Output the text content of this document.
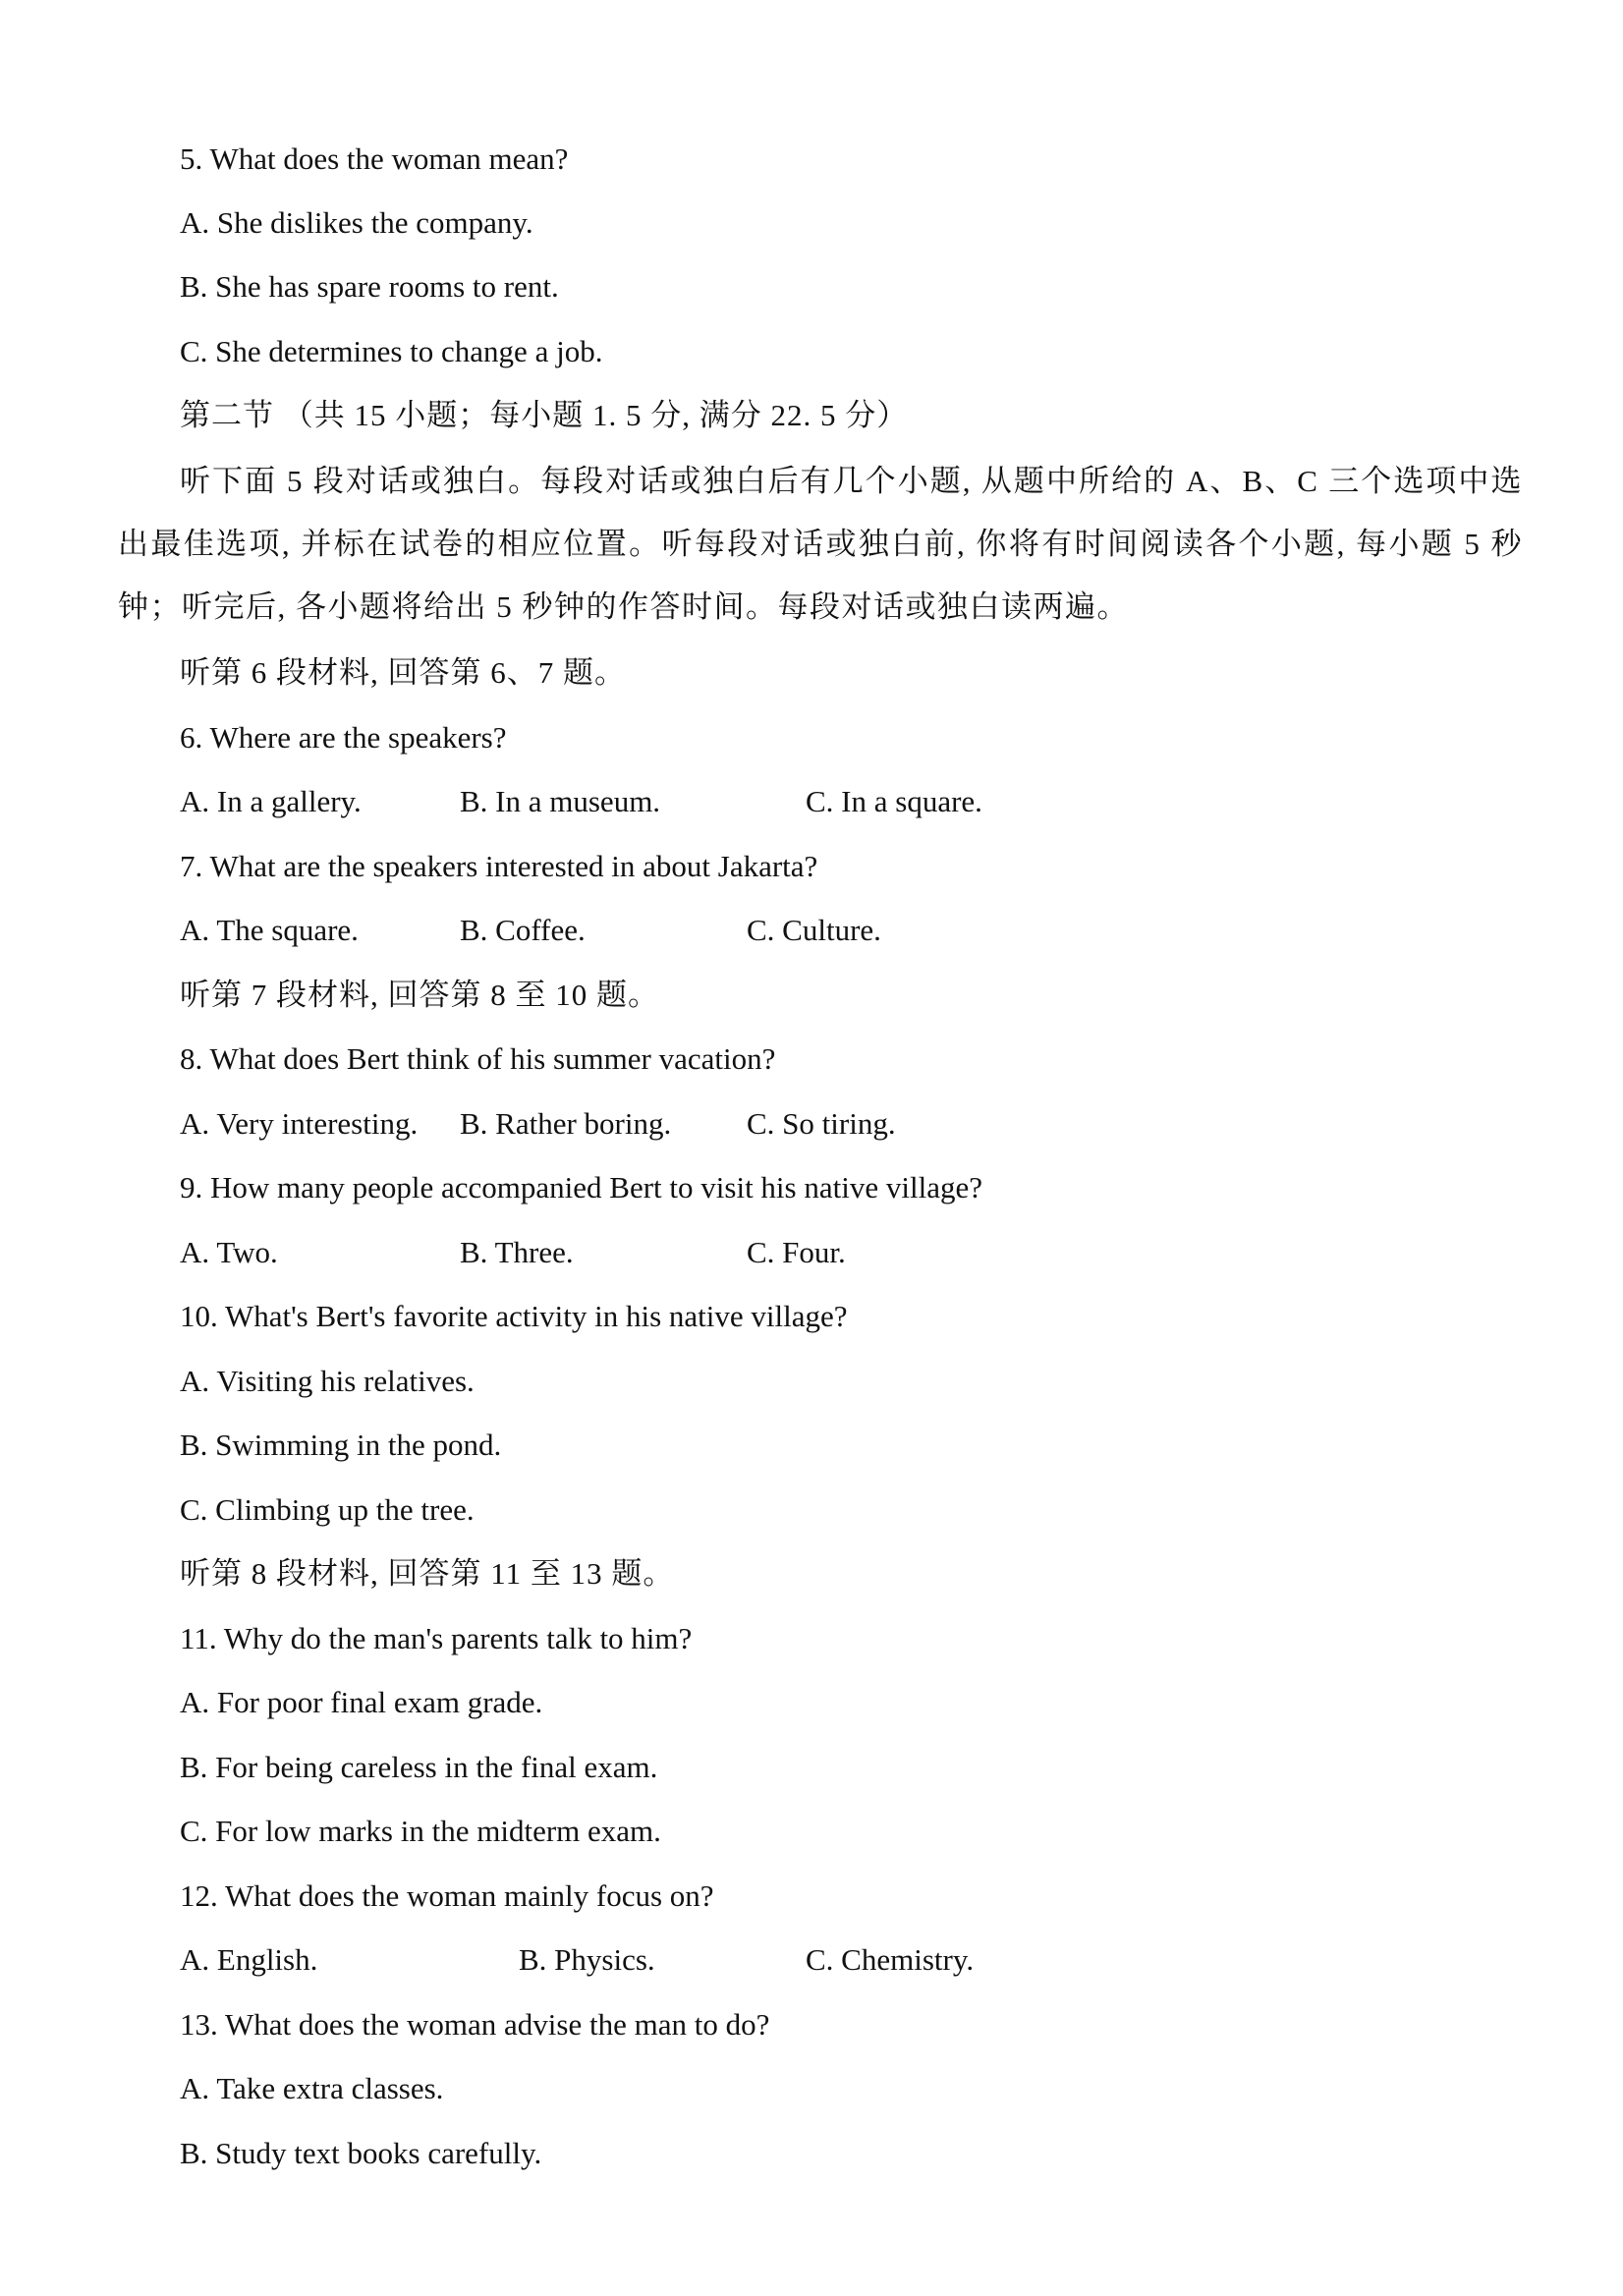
5. What does the woman mean?
A. She dislikes the company.
B. She has spare rooms to rent.
C. She determines to change a job.
第二节 （共 15 小题；每小题 1. 5 分, 满分 22. 5 分）
听下面 5 段对话或独白。每段对话或独白后有几个小题, 从题中所给的 A、B、C 三个选项中选出最佳选项, 并标在试卷的相应位置。听每段对话或独白前, 你将有时间阅读各个小题, 每小题 5 秒钟；听完后, 各小题将给出 5 秒钟的作答时间。每段对话或独白读两遍。
听第 6 段材料, 回答第 6、7 题。
6. Where are the speakers?
A. In a gallery.	B. In a museum.	C. In a square.
7. What are the speakers interested in about Jakarta?
A. The square.	B. Coffee.	C. Culture.
听第 7 段材料, 回答第 8 至 10 题。
8. What does Bert think of his summer vacation?
A. Very interesting. B. Rather boring. C. So tiring.
9. How many people accompanied Bert to visit his native village?
A. Two.	B. Three.	C. Four.
10. What's Bert's favorite activity in his native village?
A. Visiting his relatives.
B. Swimming in the pond.
C. Climbing up the tree.
听第 8 段材料, 回答第 11 至 13 题。
11. Why do the man's parents talk to him?
A. For poor final exam grade.
B. For being careless in the final exam.
C. For low marks in the midterm exam.
12. What does the woman mainly focus on?
A. English.	B. Physics.	C. Chemistry.
13. What does the woman advise the man to do?
A. Take extra classes.
B. Study text books carefully.
